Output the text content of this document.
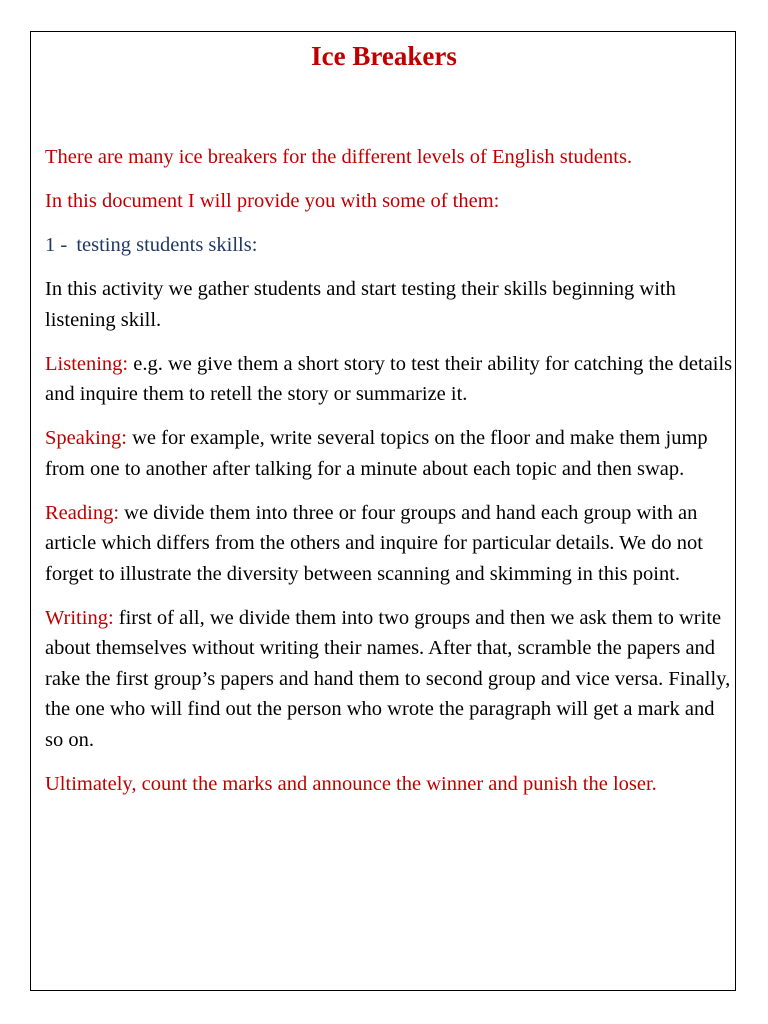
Ice Breakers

There are many ice breakers for the different levels of English students.

In this document I will provide you with some of them:

1 - testing students skills:

In this activity we gather students and start testing their skills beginning with listening skill.

Listening: e.g. we give them a short story to test their ability for catching the details and inquire them to retell the story or summarize it.

Speaking: we for example, write several topics on the floor and make them jump from one to another after talking for a minute about each topic and then swap.

Reading: we divide them into three or four groups and hand each group with an article which differs from the others and inquire for particular details. We do not forget to illustrate the diversity between scanning and skimming in this point.

Writing: first of all, we divide them into two groups and then we ask them to write about themselves without writing their names. After that, scramble the papers and rake the first group’s papers and hand them to second group and vice versa. Finally, the one who will find out the person who wrote the paragraph will get a mark and so on.

Ultimately, count the marks and announce the winner and punish the loser.
